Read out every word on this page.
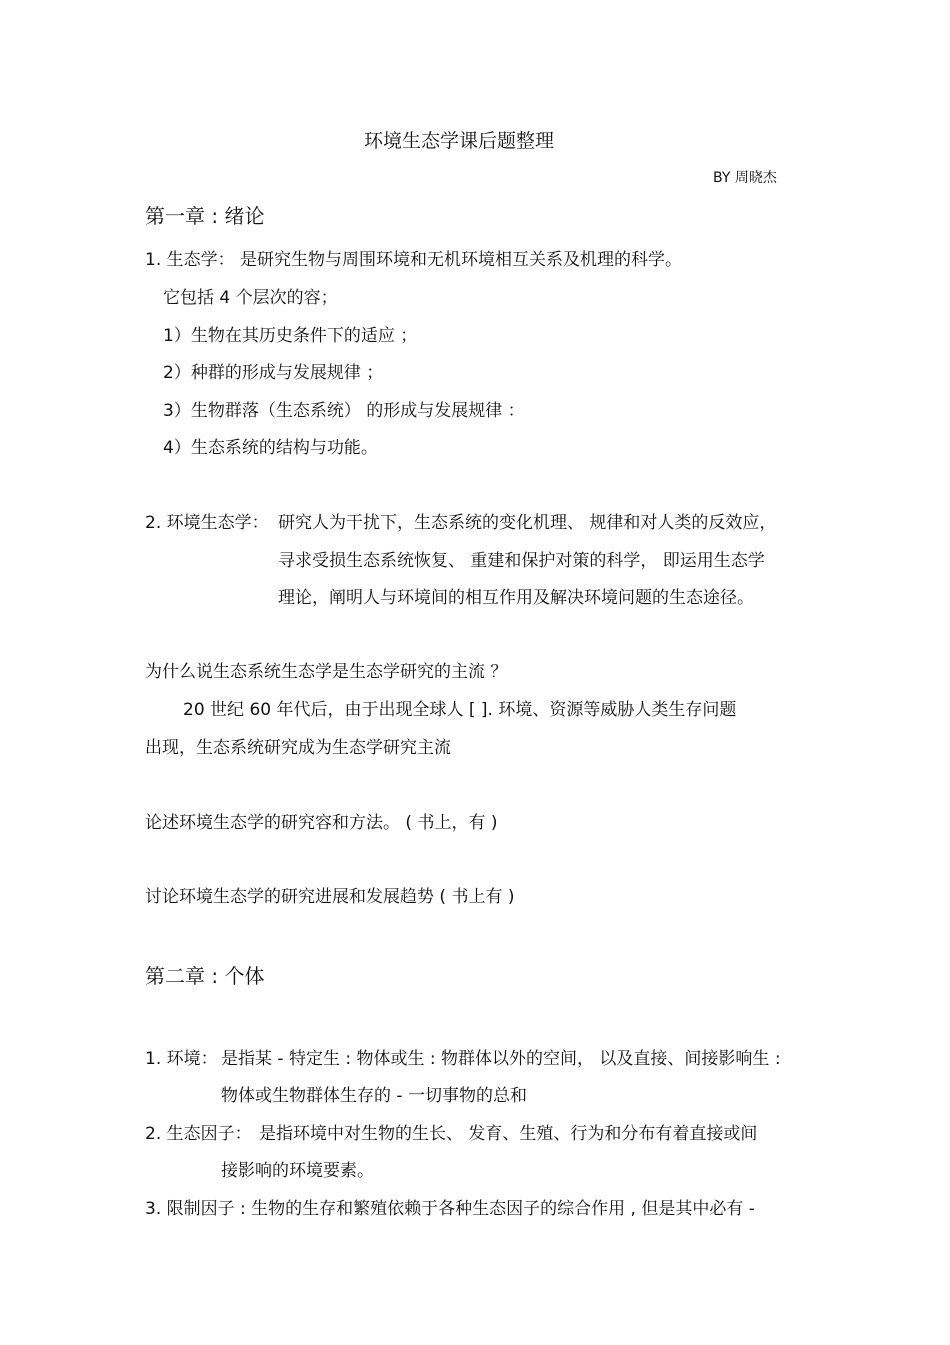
环境生态学课后题整理
BY 周晓杰
第一章 : 绪论
1. 生态学： 是研究生物与周围环境和无机环境相互关系及机理的科学。
它包括 4 个层次的容；
1）生物在其历史条件下的适应 ；
2）种群的形成与发展规律 ；
3）生物群落（生态系统） 的形成与发展规律 ：
4）生态系统的结构与功能。
2. 环境生态学： 研究人为干扰下，生态系统的变化机理、 规律和对人类的反效应，
寻求受损生态系统恢复、 重建和保护对策的科学， 即运用生态学
理论，阐明人与环境间的相互作用及解决环境问题的生态途径。
为什么说生态系统生态学是生态学研究的主流 ？
20 世纪 60 年代后，由于出现全球人 [ ]. 环境、资源等威胁人类生存问题
出现，生态系统研究成为生态学研究主流
论述环境生态学的研究容和方法。 ( 书上，有 )
讨论环境生态学的研究进展和发展趋势 ( 书上有 )
第二章 : 个体
1. 环境： 是指某 - 特定生 : 物体或生 : 物群体以外的空间， 以及直接、间接影响生 :
物体或生物群体生存的 - 一切事物的总和
2. 生态因子： 是指环境中对生物的生长、 发育、生殖、行为和分布有着直接或间
接影响的环境要素。
3. 限制因子 : 生物的生存和繁殖依赖于各种生态因子的综合作用 , 但是其中必有 -
